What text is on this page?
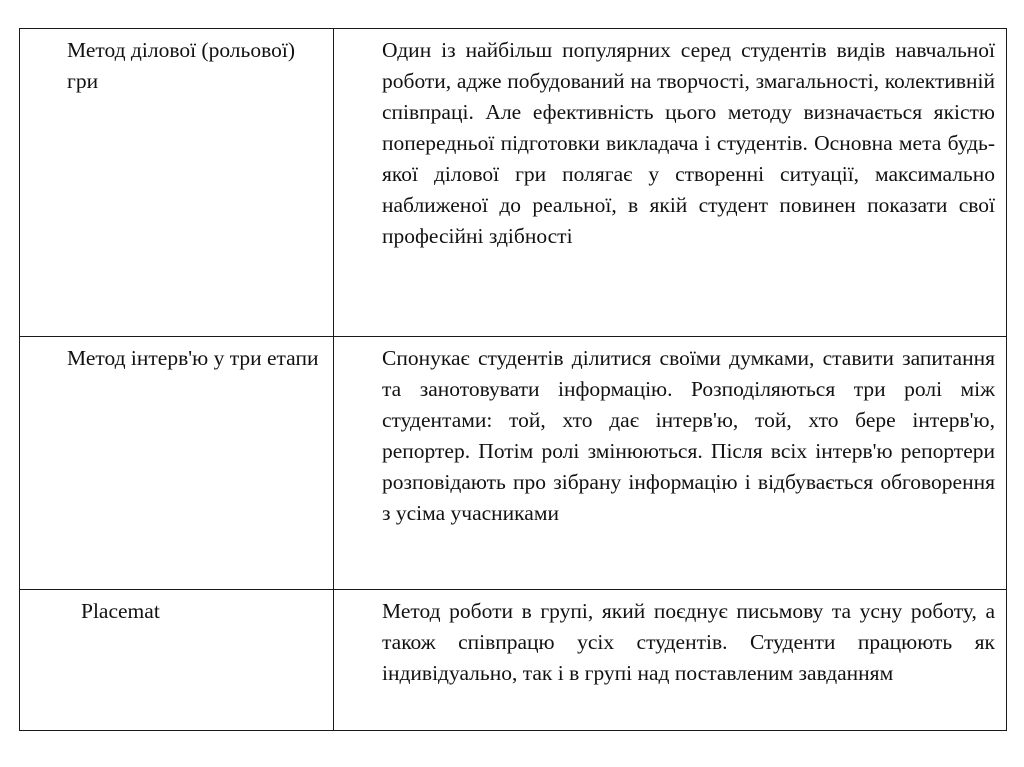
Метод ділової (рольової) гри	Один із найбільш популярних серед студентів видів навчальної роботи, адже побудований на творчості, змагальності, колективній співпраці. Але ефективність цього методу визначається якістю попередньої підготовки викладача і студентів. Основна мета будь-якої ділової гри полягає у створенні ситуації, максимально наближеної до реальної, в якій студент повинен показати свої професійні здібності

Метод інтерв'ю у три етапи	Спонукає студентів ділитися своїми думками, ставити запитання та занотовувати інформацію. Розподіляються три ролі між студентами: той, хто дає інтерв'ю, той, хто бере інтерв'ю, репортер. Потім ролі змінюються. Після всіх інтерв'ю репортери розповідають про зібрану інформацію і відбувається обговорення з усіма учасниками

Placemat	Метод роботи в групі, який поєднує письмову та усну роботу, а також співпрацю усіх студентів. Студенти працюють як індивідуально, так і в групі над поставленим завданням
